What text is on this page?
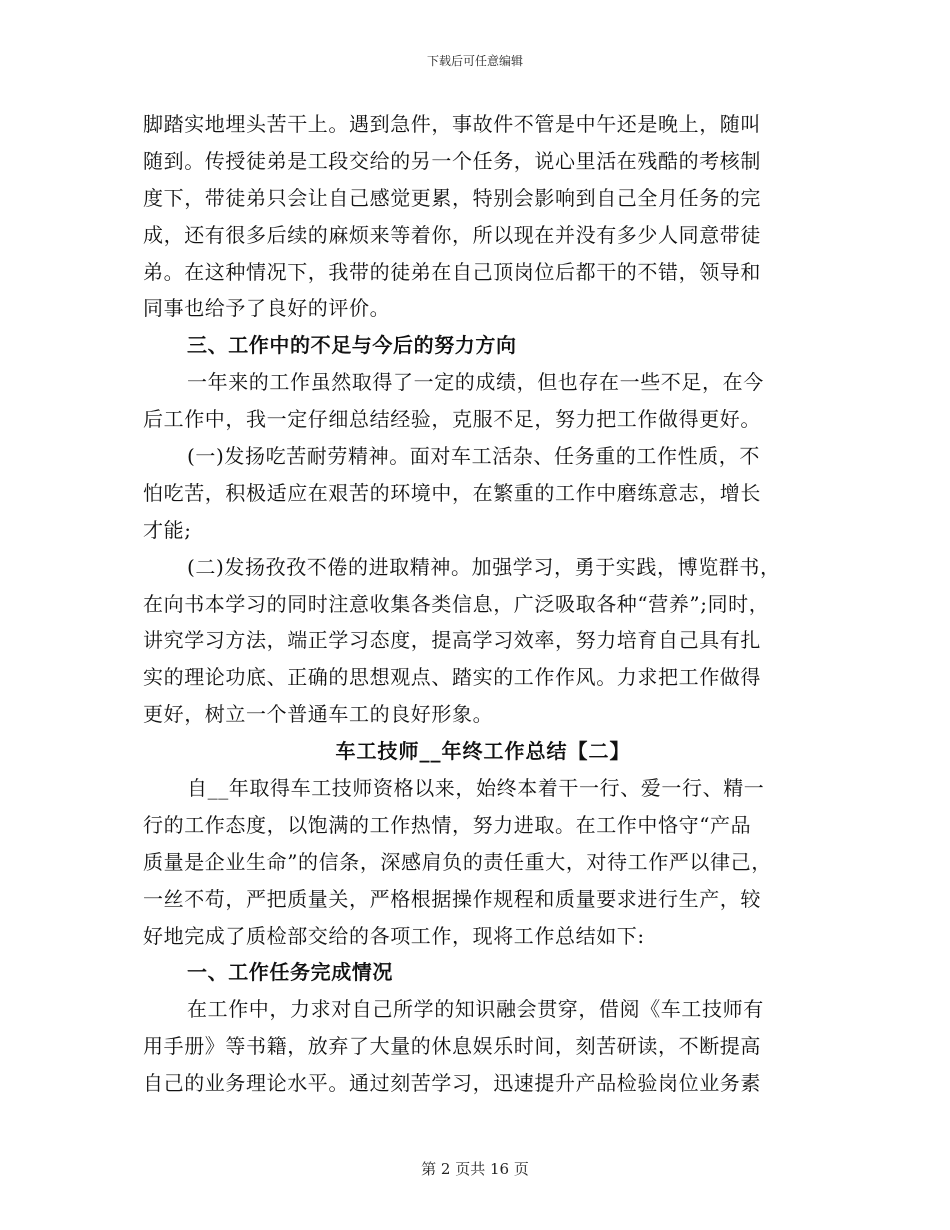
下载后可任意编辑
脚踏实地埋头苦干上。遇到急件，事故件不管是中午还是晚上，随叫
随到。传授徒弟是工段交给的另一个任务，说心里活在残酷的考核制
度下，带徒弟只会让自己感觉更累，特别会影响到自己全月任务的完
成，还有很多后续的麻烦来等着你，所以现在并没有多少人同意带徒
弟。在这种情况下，我带的徒弟在自己顶岗位后都干的不错，领导和
同事也给予了良好的评价。
三、工作中的不足与今后的努力方向
一年来的工作虽然取得了一定的成绩，但也存在一些不足，在今
后工作中，我一定仔细总结经验，克服不足，努力把工作做得更好。
(一)发扬吃苦耐劳精神。面对车工活杂、任务重的工作性质，不
怕吃苦，积极适应在艰苦的环境中，在繁重的工作中磨练意志，增长
才能;
(二)发扬孜孜不倦的进取精神。加强学习，勇于实践，博览群书，
在向书本学习的同时注意收集各类信息，广泛吸取各种“营养”;同时，
讲究学习方法，端正学习态度，提高学习效率，努力培育自己具有扎
实的理论功底、正确的思想观点、踏实的工作作风。力求把工作做得
更好，树立一个普通车工的良好形象。
车工技师__年终工作总结【二】
自__年取得车工技师资格以来，始终本着干一行、爱一行、精一
行的工作态度，以饱满的工作热情，努力进取。在工作中恪守“产品
质量是企业生命”的信条，深感肩负的责任重大，对待工作严以律己，
一丝不苟，严把质量关，严格根据操作规程和质量要求进行生产，较
好地完成了质检部交给的各项工作，现将工作总结如下:
一、工作任务完成情况
在工作中，力求对自己所学的知识融会贯穿，借阅《车工技师有
用手册》等书籍，放弃了大量的休息娱乐时间，刻苦研读，不断提高
自己的业务理论水平。通过刻苦学习，迅速提升产品检验岗位业务素
第 2 页共 16 页
